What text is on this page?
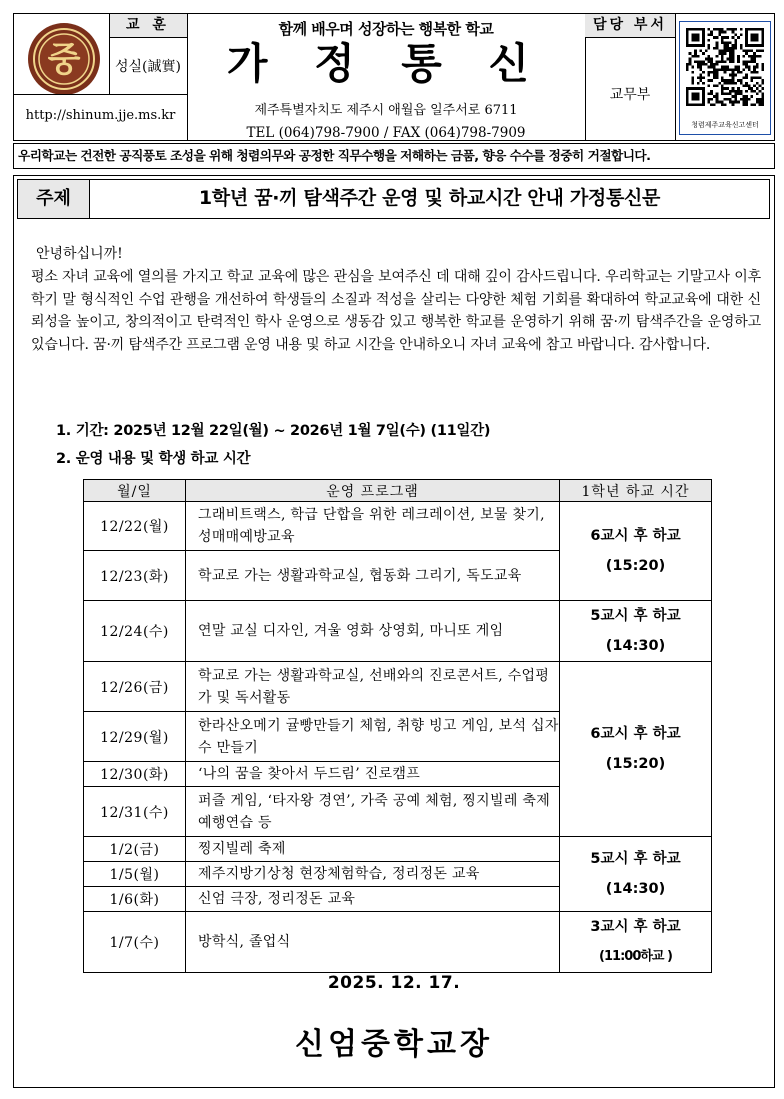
중
교 훈
성실(誠實)
http://shinum.jje.ms.kr
함께 배우며 성장하는 행복한 학교
가 정 통 신
제주특별자치도 제주시 애월읍 일주서로 6711
TEL (064)798-7900 / FAX (064)798-7909
담당 부서
교무부
청렴제주교육신고센터
우리학교는 건전한 공직풍토 조성을 위해 청렴의무와 공정한 직무수행을 저해하는 금품, 향응 수수를 정중히 거절합니다.
주제	1학년 꿈·끼 탐색주간 운영 및 하교시간 안내 가정통신문
안녕하십니까!
평소 자녀 교육에 열의를 가지고 학교 교육에 많은 관심을 보여주신 데 대해 깊이 감사드립니다. 우리학교는 기말고사 이후 학기 말 형식적인 수업 관행을 개선하여 학생들의 소질과 적성을 살리는 다양한 체험 기회를 확대하여 학교교육에 대한 신뢰성을 높이고, 창의적이고 탄력적인 학사 운영으로 생동감 있고 행복한 학교를 운영하기 위해 꿈·끼 탐색주간을 운영하고 있습니다. 꿈·끼 탐색주간 프로그램 운영 내용 및 하교 시간을 안내하오니 자녀 교육에 참고 바랍니다. 감사합니다.
1. 기간: 2025년 12월 22일(월) ~ 2026년 1월 7일(수) (11일간)
2. 운영 내용 및 학생 하교 시간
월/일	운영 프로그램	1학년 하교 시간
12/22(월)	그래비트랙스, 학급 단합을 위한 레크레이션, 보물 찾기, 성매매예방교육	6교시 후 하교
(15:20)

12/23(화)	학교로 가는 생활과학교실, 협동화 그리기, 독도교육	
12/24(수)	연말 교실 디자인, 겨울 영화 상영회, 마니또 게임	5교시 후 하교
(14:30)

12/26(금)	학교로 가는 생활과학교실, 선배와의 진로콘서트, 수업평가 및 독서활동	6교시 후 하교
(15:20)

12/29(월)	한라산오메기 귤빵만들기 체험, 취향 빙고 게임, 보석 십자수 만들기	
12/30(화)	‘나의 꿈을 찾아서 두드림’ 진로캠프	
12/31(수)	퍼즐 게임, ‘타자왕 경연’, 가죽 공예 체험, 찡지빌레 축제 예행연습 등	
1/2(금)	찡지빌레 축제	5교시 후 하교
(14:30)

1/5(월)	제주지방기상청 현장체험학습, 정리정돈 교육	
1/6(화)	신엄 극장, 정리정돈 교육	
1/7(수)	방학식, 졸업식	3교시 후 하교
(11:00하교 )
2025. 12. 17.
신엄중학교장
